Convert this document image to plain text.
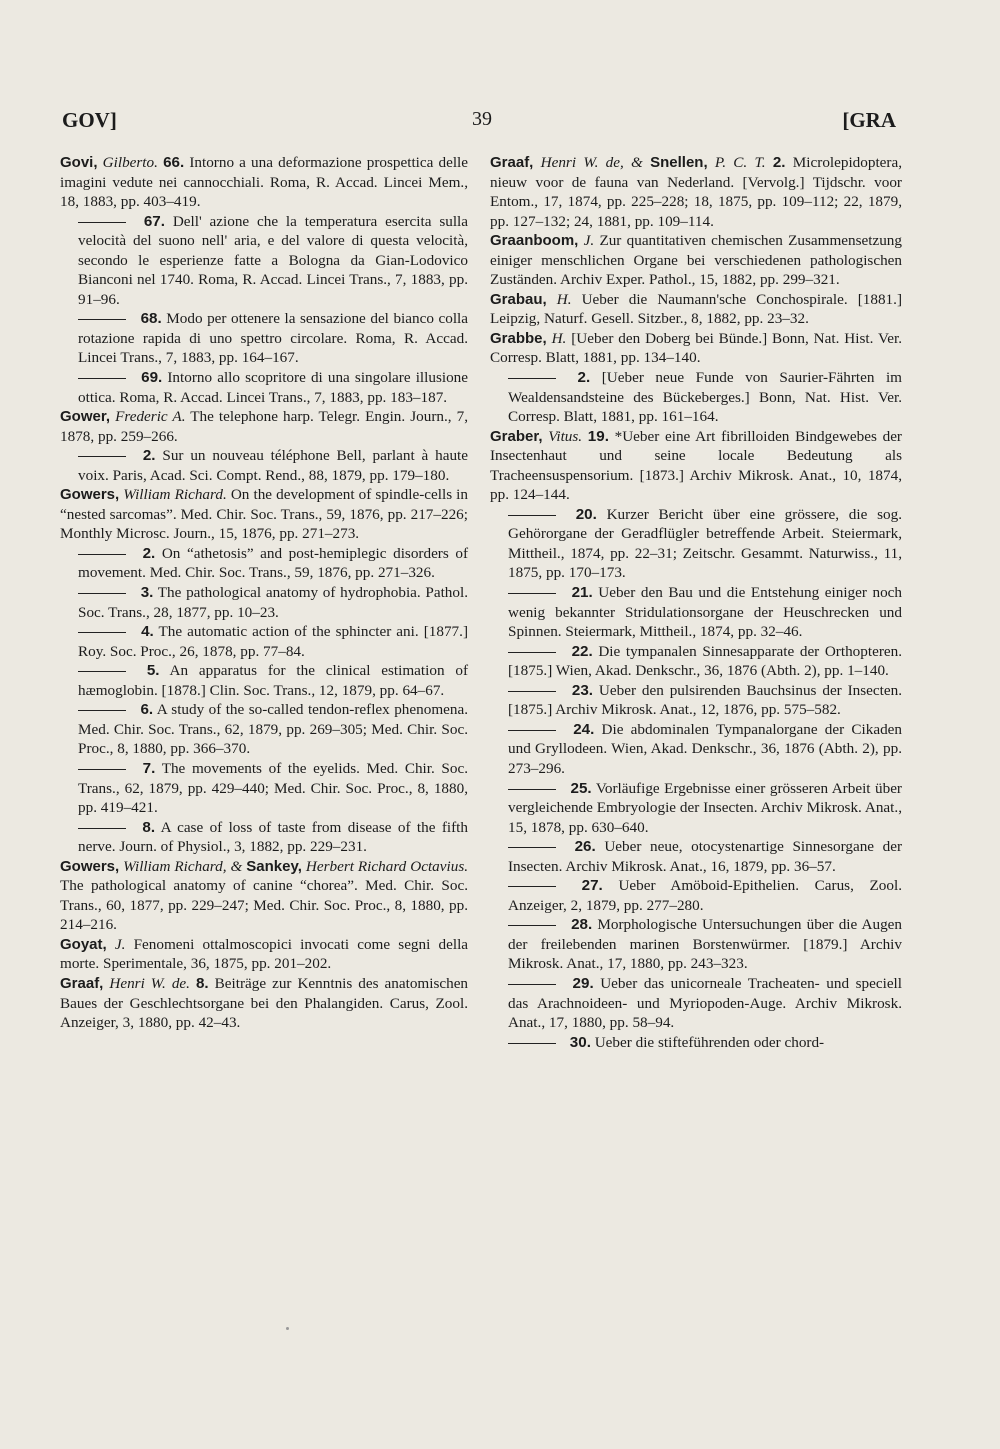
GOV]	39	[GRA

Govi, Gilberto. 66. Intorno a una deformazione prospettica delle imagini vedute nei cannocchiali. Roma, R. Accad. Lincei Mem., 18, 1883, pp. 403–419.

67. Dell' azione che la temperatura esercita sulla velocità del suono nell' aria, e del valore di questa velocità, secondo le esperienze fatte a Bologna da Gian-Lodovico Bianconi nel 1740. Roma, R. Accad. Lincei Trans., 7, 1883, pp. 91–96.

68. Modo per ottenere la sensazione del bianco colla rotazione rapida di uno spettro circolare. Roma, R. Accad. Lincei Trans., 7, 1883, pp. 164–167.

69. Intorno allo scopritore di una singolare illusione ottica. Roma, R. Accad. Lincei Trans., 7, 1883, pp. 183–187.

Gower, Frederic A. The telephone harp. Telegr. Engin. Journ., 7, 1878, pp. 259–266.

2. Sur un nouveau téléphone Bell, parlant à haute voix. Paris, Acad. Sci. Compt. Rend., 88, 1879, pp. 179–180.

Gowers, William Richard. On the development of spindle-cells in “nested sarcomas”. Med. Chir. Soc. Trans., 59, 1876, pp. 217–226; Monthly Microsc. Journ., 15, 1876, pp. 271–273.

2. On “athetosis” and post-hemiplegic disorders of movement. Med. Chir. Soc. Trans., 59, 1876, pp. 271–326.

3. The pathological anatomy of hydrophobia. Pathol. Soc. Trans., 28, 1877, pp. 10–23.

4. The automatic action of the sphincter ani. [1877.] Roy. Soc. Proc., 26, 1878, pp. 77–84.

5. An apparatus for the clinical estimation of hæmoglobin. [1878.] Clin. Soc. Trans., 12, 1879, pp. 64–67.

6. A study of the so-called tendon-reflex phenomena. Med. Chir. Soc. Trans., 62, 1879, pp. 269–305; Med. Chir. Soc. Proc., 8, 1880, pp. 366–370.

7. The movements of the eyelids. Med. Chir. Soc. Trans., 62, 1879, pp. 429–440; Med. Chir. Soc. Proc., 8, 1880, pp. 419–421.

8. A case of loss of taste from disease of the fifth nerve. Journ. of Physiol., 3, 1882, pp. 229–231.

Gowers, William Richard, & Sankey, Herbert Richard Octavius. The pathological anatomy of canine “chorea”. Med. Chir. Soc. Trans., 60, 1877, pp. 229–247; Med. Chir. Soc. Proc., 8, 1880, pp. 214–216.

Goyat, J. Fenomeni ottalmoscopici invocati come segni della morte. Sperimentale, 36, 1875, pp. 201–202.

Graaf, Henri W. de. 8. Beiträge zur Kenntnis des anatomischen Baues der Geschlechtsorgane bei den Phalangiden. Carus, Zool. Anzeiger, 3, 1880, pp. 42–43.

Graaf, Henri W. de, & Snellen, P. C. T. 2. Microlepidoptera, nieuw voor de fauna van Nederland. [Vervolg.] Tijdschr. voor Entom., 17, 1874, pp. 225–228; 18, 1875, pp. 109–112; 22, 1879, pp. 127–132; 24, 1881, pp. 109–114.

Graanboom, J. Zur quantitativen chemischen Zusammensetzung einiger menschlichen Organe bei verschiedenen pathologischen Zuständen. Archiv Exper. Pathol., 15, 1882, pp. 299–321.

Grabau, H. Ueber die Naumann'sche Conchospirale. [1881.] Leipzig, Naturf. Gesell. Sitzber., 8, 1882, pp. 23–32.

Grabbe, H. [Ueber den Doberg bei Bünde.] Bonn, Nat. Hist. Ver. Corresp. Blatt, 1881, pp. 134–140.

2. [Ueber neue Funde von Saurier-Fährten im Wealdensandsteine des Bückeberges.] Bonn, Nat. Hist. Ver. Corresp. Blatt, 1881, pp. 161–164.

Graber, Vitus. 19. *Ueber eine Art fibrilloiden Bindgewebes der Insectenhaut und seine locale Bedeutung als Tracheensuspensorium. [1873.] Archiv Mikrosk. Anat., 10, 1874, pp. 124–144.

20. Kurzer Bericht über eine grössere, die sog. Gehörorgane der Geradflügler betreffende Arbeit. Steiermark, Mittheil., 1874, pp. 22–31; Zeitschr. Gesammt. Naturwiss., 11, 1875, pp. 170–173.

21. Ueber den Bau und die Entstehung einiger noch wenig bekannter Stridulationsorgane der Heuschrecken und Spinnen. Steiermark, Mittheil., 1874, pp. 32–46.

22. Die tympanalen Sinnesapparate der Orthopteren. [1875.] Wien, Akad. Denkschr., 36, 1876 (Abth. 2), pp. 1–140.

23. Ueber den pulsirenden Bauchsinus der Insecten. [1875.] Archiv Mikrosk. Anat., 12, 1876, pp. 575–582.

24. Die abdominalen Tympanalorgane der Cikaden und Gryllodeen. Wien, Akad. Denkschr., 36, 1876 (Abth. 2), pp. 273–296.

25. Vorläufige Ergebnisse einer grösseren Arbeit über vergleichende Embryologie der Insecten. Archiv Mikrosk. Anat., 15, 1878, pp. 630–640.

26. Ueber neue, otocystenartige Sinnesorgane der Insecten. Archiv Mikrosk. Anat., 16, 1879, pp. 36–57.

27. Ueber Amöboid-Epithelien. Carus, Zool. Anzeiger, 2, 1879, pp. 277–280.

28. Morphologische Untersuchungen über die Augen der freilebenden marinen Borstenwürmer. [1879.] Archiv Mikrosk. Anat., 17, 1880, pp. 243–323.

29. Ueber das unicorneale Tracheaten- und speciell das Arachnoideen- und Myriopoden-Auge. Archiv Mikrosk. Anat., 17, 1880, pp. 58–94.

30. Ueber die stifteführenden oder chord-
